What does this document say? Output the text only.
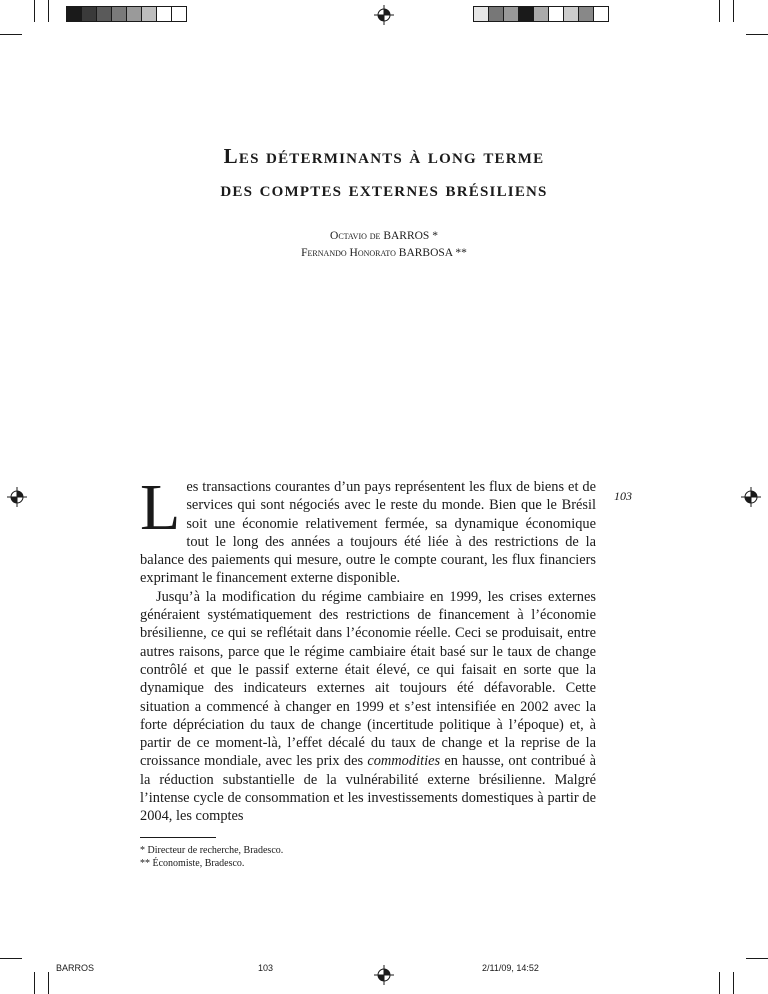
Les déterminants à long terme
des comptes externes brésiliens
Octavio de BARROS *
Fernando Honorato BARBOSA **
103

Les transactions courantes d’un pays représentent les flux de biens et de services qui sont négociés avec le reste du monde. Bien que le Brésil soit une économie relativement fermée, sa dynamique économique tout le long des années a toujours été liée à des restrictions de la balance des paiements qui mesure, outre le compte courant, les flux financiers exprimant le financement externe disponible.

Jusqu’à la modification du régime cambiaire en 1999, les crises externes généraient systématiquement des restrictions de financement à l’économie brésilienne, ce qui se reflétait dans l’économie réelle. Ceci se produisait, entre autres raisons, parce que le régime cambiaire était basé sur le taux de change contrôlé et que le passif externe était élevé, ce qui faisait en sorte que la dynamique des indicateurs externes ait toujours été défavorable. Cette situation a commencé à changer en 1999 et s’est intensifiée en 2002 avec la forte dépréciation du taux de change (incertitude politique à l’époque) et, à partir de ce moment-là, l’effet décalé du taux de change et la reprise de la croissance mondiale, avec les prix des commodities en hausse, ont contribué à la réduction substantielle de la vulnérabilité externe brésilienne. Malgré l’intense cycle de consommation et les investissements domestiques à partir de 2004, les comptes

* Directeur de recherche, Bradesco.
** Économiste, Bradesco.
BARROS	103	2/11/09, 14:52
